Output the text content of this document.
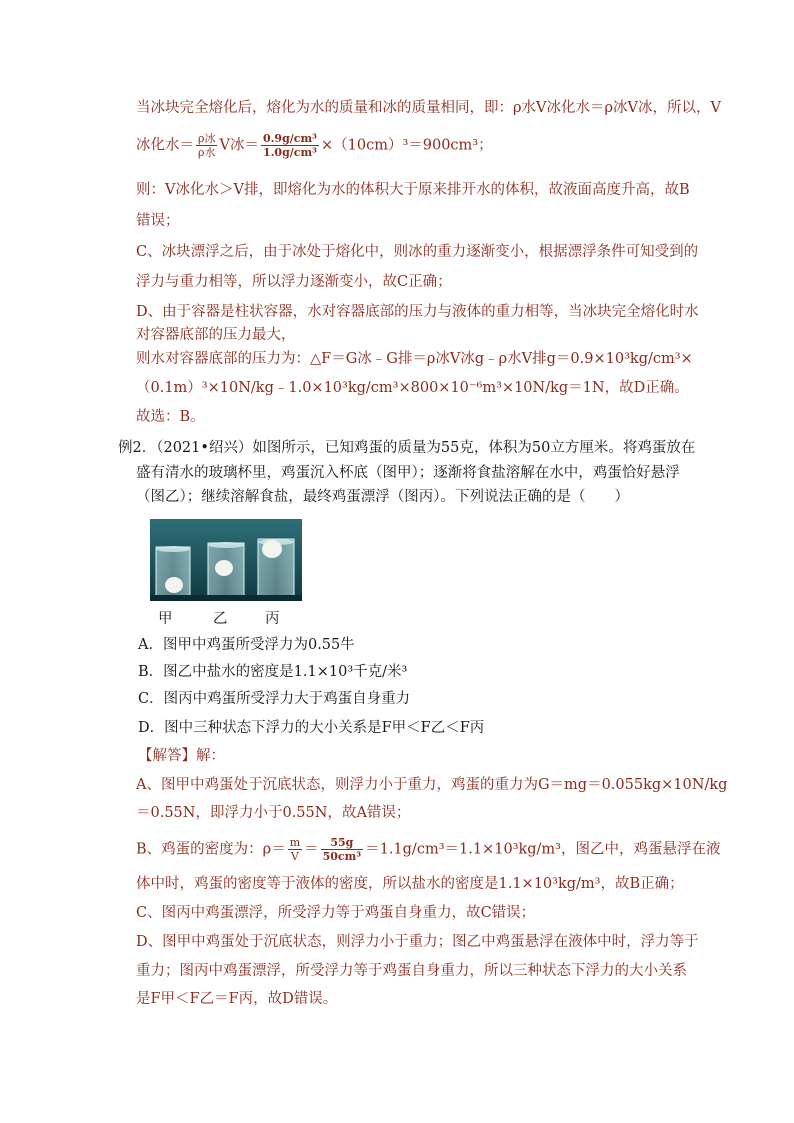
当冰块完全熔化后，熔化为水的质量和冰的质量相同，即：ρ水V冰化水＝ρ冰V冰，所以，V
冰化水＝ $\frac{\text{ρ冰}}{\text{ρ水}}$ V冰＝ $\frac{\text{0.9g/cm³}}{\text{1.0g/cm³}} \times(10cm)^3=900cm^3$；
则：V冰化水＞V排，即熔化为水的体积大于原来排开水的体积，故液面高度升高，故B
错误；
C、冰块漂浮之后，由于冰处于熔化中，则冰的重力逐渐变小，根据漂浮条件可知受到的
浮力与重力相等，所以浮力逐渐变小，故C正确；
D、由于容器是柱状容器，水对容器底部的压力与液体的重力相等，当冰块完全熔化时水
对容器底部的压力最大，
则水对容器底部的压力为：△F＝G冰﹣G排＝ρ冰V冰g﹣ρ水V排g＝0.9×10³kg/cm³×
（0.1m）³×10N/kg﹣1.0×10³kg/cm³×800×10⁻⁶m³×10N/kg＝1N，故D正确。
故选：B。
例2．（2021•绍兴）如图所示，已知鸡蛋的质量为55克，体积为50立方厘米。将鸡蛋放在
盛有清水的玻璃杯里，鸡蛋沉入杯底（图甲）；逐渐将食盐溶解在水中，鸡蛋恰好悬浮
（图乙）；继续溶解食盐，最终鸡蛋漂浮（图丙）。下列说法正确的是（　　）
甲	乙	丙
A．图甲中鸡蛋所受浮力为0.55牛
B．图乙中盐水的密度是1.1×10³千克/米³
C．图丙中鸡蛋所受浮力大于鸡蛋自身重力
D．图中三种状态下浮力的大小关系是F甲＜F乙＜F丙
【解答】解：
A、图甲中鸡蛋处于沉底状态，则浮力小于重力，鸡蛋的重力为G＝mg＝0.055kg×10N/kg
＝0.55N，即浮力小于0.55N，故A错误；
B、鸡蛋的密度为：$\rho= \frac{m}{V} = \frac{55g}{\text{50cm³}} =1.1g/cm^3=1.1\times 10^3kg/m^3$，图乙中，鸡蛋悬浮在液
体中时，鸡蛋的密度等于液体的密度，所以盐水的密度是1.1×10³kg/m³，故B正确；
C、图丙中鸡蛋漂浮，所受浮力等于鸡蛋自身重力，故C错误；
D、图甲中鸡蛋处于沉底状态，则浮力小于重力；图乙中鸡蛋悬浮在液体中时，浮力等于
重力；图丙中鸡蛋漂浮，所受浮力等于鸡蛋自身重力，所以三种状态下浮力的大小关系
是F甲＜F乙＝F丙，故D错误。
